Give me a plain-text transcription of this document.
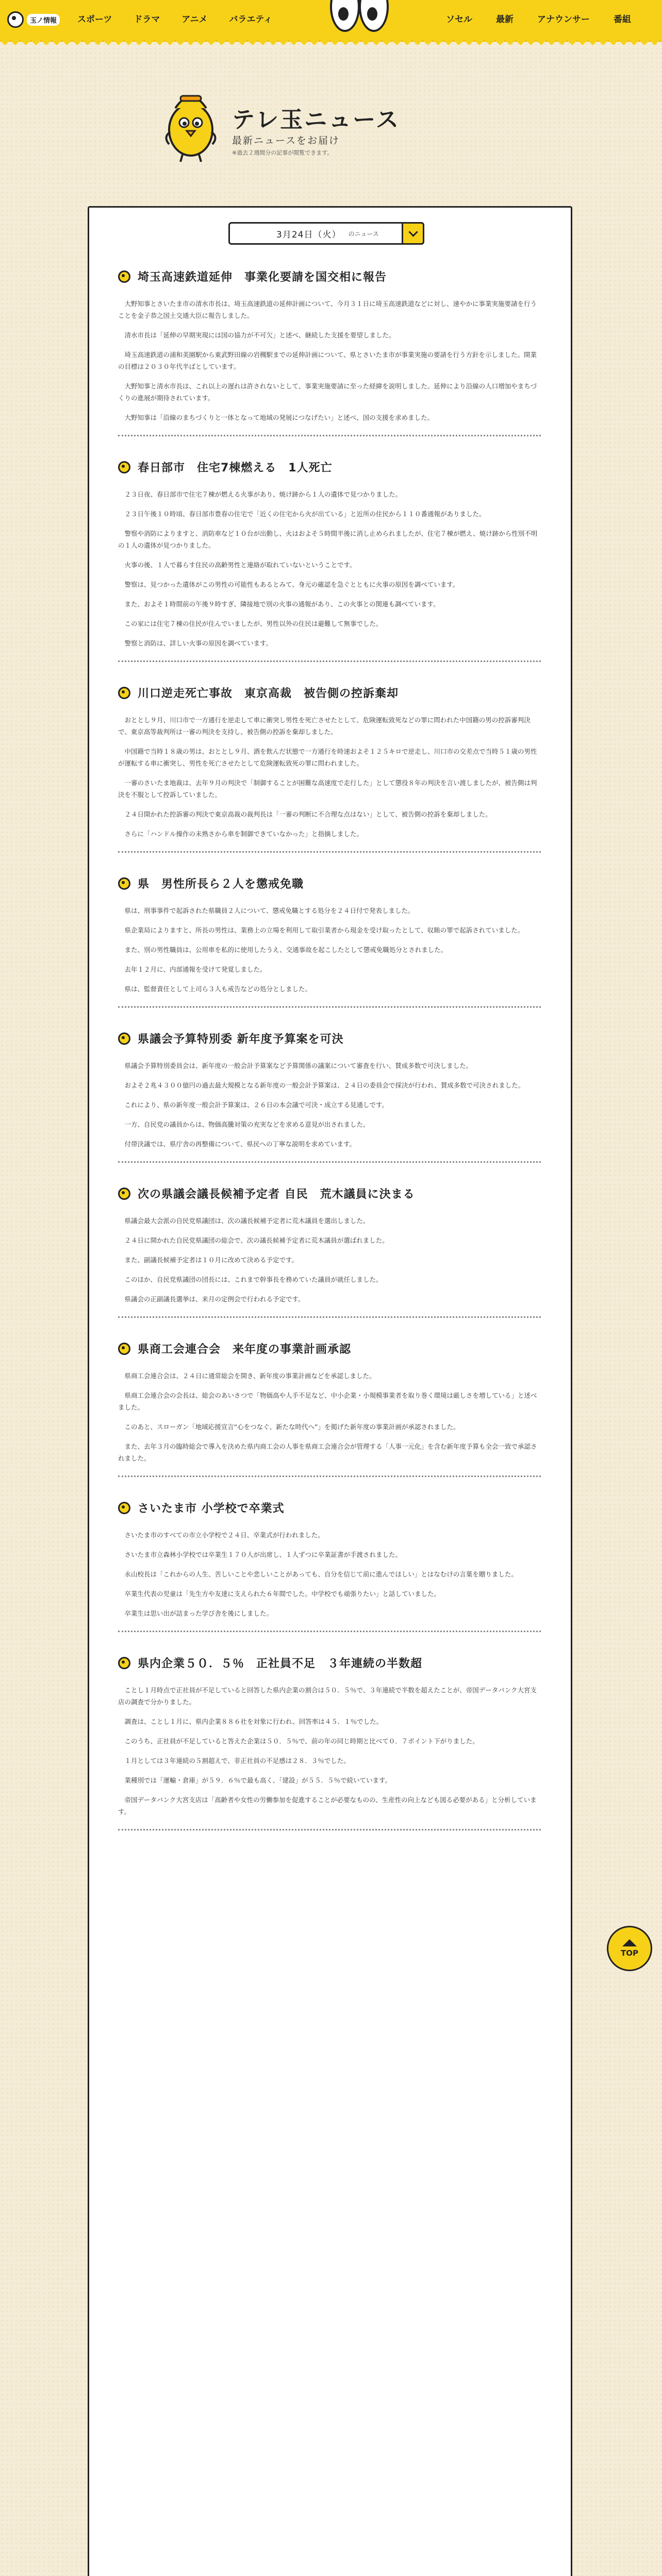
玉ノ情報	スポーツ ドラマ アニメ バラエティ	ソセル	最新	アナウンサー	番組
テレ玉ニュース
最新ニュースをお届け
※過去２週間分の記事が閲覧できます。
3月24日（火） のニュース
埼玉高速鉄道延伸　事業化要請を国交相に報告

大野知事とさいたま市の清水市長は、埼玉高速鉄道の延伸計画について、今月３１日に埼玉高速鉄道などに対し、速やかに事業実施要請を行うことを金子恭之国土交通大臣に報告しました。

清水市長は「延伸の早期実現には国の協力が不可欠」と述べ、継続した支援を要望しました。

埼玉高速鉄道の浦和美園駅から東武野田線の岩槻駅までの延伸計画について、県とさいたま市が事業実施の要請を行う方針を示しました。開業の目標は２０３０年代半ばとしています。

大野知事と清水市長は、これ以上の遅れは許されないとして、事業実施要請に至った経緯を説明しました。延伸により沿線の人口増加やまちづくりの進展が期待されています。

大野知事は「沿線のまちづくりと一体となって地域の発展につなげたい」と述べ、国の支援を求めました。

春日部市　住宅7棟燃える　1人死亡

２３日夜、春日部市で住宅７棟が燃える火事があり、焼け跡から１人の遺体で見つかりました。

２３日午後１０時頃、春日部市豊春の住宅で「近くの住宅から火が出ている」と近所の住民から１１０番通報がありました。

警察や消防によりますと、消防車など１０台が出動し、火はおよそ５時間半後に消し止められましたが、住宅７棟が燃え、焼け跡から性別不明の１人の遺体が見つかりました。

火事の後、１人で暮らす住民の高齢男性と連絡が取れていないということです。

警察は、見つかった遺体がこの男性の可能性もあるとみて、身元の確認を急ぐとともに火事の原因を調べています。

また、およそ１時間前の午後９時すぎ、隣接地で別の火事の通報があり、この火事との関連も調べています。

この家には住宅７棟の住民が住んでいましたが、男性以外の住民は避難して無事でした。

警察と消防は、詳しい火事の原因を調べています。

川口逆走死亡事故　東京高裁　被告側の控訴棄却

おととし９月、川口市で一方通行を逆走して車に衝突し男性を死亡させたとして、危険運転致死などの罪に問われた中国籍の男の控訴審判決で、東京高等裁判所は一審の判決を支持し、被告側の控訴を棄却しました。

中国籍で当時１８歳の男は、おととし９月、酒を飲んだ状態で一方通行を時速およそ１２５キロで逆走し、川口市の交差点で当時５１歳の男性が運転する車に衝突し、男性を死亡させたとして危険運転致死の罪に問われました。

一審のさいたま地裁は、去年９月の判決で「制御することが困難な高速度で走行した」として懲役８年の判決を言い渡しましたが、被告側は判決を不服として控訴していました。

２４日開かれた控訴審の判決で東京高裁の裁判長は「一審の判断に不合理な点はない」として、被告側の控訴を棄却しました。

さらに「ハンドル操作の未熟さから車を制御できていなかった」と指摘しました。

県　男性所長ら２人を懲戒免職

県は、刑事事件で起訴された県職員２人について、懲戒免職とする処分を２４日付で発表しました。

県企業局によりますと、所長の男性は、業務上の立場を利用して取引業者から現金を受け取ったとして、収賄の罪で起訴されていました。

また、別の男性職員は、公用車を私的に使用したうえ、交通事故を起こしたとして懲戒免職処分とされました。

去年１２月に、内部通報を受けて発覚しました。

県は、監督責任として上司ら３人も戒告などの処分としました。

県議会予算特別委 新年度予算案を可決

県議会予算特別委員会は、新年度の一般会計予算案など予算関係の議案について審査を行い、賛成多数で可決しました。

およそ２兆４３００億円の過去最大規模となる新年度の一般会計予算案は、２４日の委員会で採決が行われ、賛成多数で可決されました。

これにより、県の新年度一般会計予算案は、２６日の本会議で可決・成立する見通しです。

一方、自民党の議員からは、物価高騰対策の充実などを求める意見が出されました。

付帯決議では、県庁舎の再整備について、県民への丁寧な説明を求めています。

次の県議会議長候補予定者 自民　荒木議員に決まる

県議会最大会派の自民党県議団は、次の議長候補予定者に荒木議員を選出しました。

２４日に開かれた自民党県議団の総会で、次の議長候補予定者に荒木議員が選ばれました。

また、副議長候補予定者は１０月に改めて決める予定です。

このほか、自民党県議団の団長には、これまで幹事長を務めていた議員が就任しました。

県議会の正副議長選挙は、来月の定例会で行われる予定です。

県商工会連合会　来年度の事業計画承認

県商工会連合会は、２４日に通常総会を開き、新年度の事業計画などを承認しました。

県商工会連合会の会長は、総会のあいさつで「物価高や人手不足など、中小企業・小規模事業者を取り巻く環境は厳しさを増している」と述べました。

このあと、スローガン「地域応援宣言“心をつなぐ、新たな時代へ”」を掲げた新年度の事業計画が承認されました。

また、去年３月の臨時総会で導入を決めた県内商工会の人事を県商工会連合会が管理する「人事一元化」を含む新年度予算も全会一致で承認されました。

さいたま市 小学校で卒業式

さいたま市のすべての市立小学校で２４日、卒業式が行われました。

さいたま市立森林小学校では卒業生１７０人が出席し、１人ずつに卒業証書が手渡されました。

永山校長は「これからの人生、苦しいことや悲しいことがあっても、自分を信じて前に進んでほしい」とはなむけの言葉を贈りました。

卒業生代表の児童は「先生方や友達に支えられた６年間でした。中学校でも頑張りたい」と話していました。

卒業生は思い出が詰まった学び舎を後にしました。

県内企業５０．５％　正社員不足　３年連続の半数超

ことし１月時点で正社員が不足していると回答した県内企業の割合は５０．５％で、３年連続で半数を超えたことが、帝国データバンク大宮支店の調査で分かりました。

調査は、ことし１月に、県内企業８８６社を対象に行われ、回答率は４５．１％でした。

このうち、正社員が不足していると答えた企業は５０．５％で、前の年の同じ時期と比べて０．７ポイント下がりました。

１月としては３年連続の５割超えで、非正社員の不足感は２８．３％でした。

業種別では「運輸・倉庫」が５９．６％で最も高く、「建設」が５５．５％で続いています。

帝国データバンク大宮支店は「高齢者や女性の労働参加を促進することが必要なものの、生産性の向上なども図る必要がある」と分析しています。

TOP
